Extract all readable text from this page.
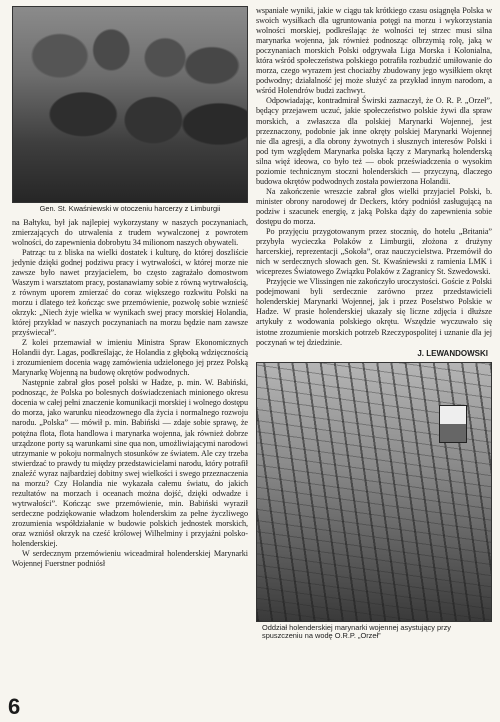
Gen. St. Kwaśniewski w otoczeniu harcerzy z Limburgii

na Bałtyku, był jak najlepiej wykorzystany w naszych poczynaniach, zmierzających do utrwalenia z trudem wywalczonej z powrotem wolności, do zapewnienia dobrobytu 34 milionom naszych obywateli.

Patrząc tu z bliska na wielki dostatek i kulturę, do której doszliście jedynie dzięki godnej podziwu pracy i wytrwałości, w której morze nie zawsze było nawet przyjacielem, bo często zagrażało domostwom Waszym i warsztatom pracy, postanawiamy sobie z równą wytrwałością, z równym uporem zmierzać do coraz większego rozkwitu Polski na morzu i dlatego też kończąc swe przemówienie, pozwolę sobie wznieść okrzyk: „Niech żyje wielka w wynikach swej pracy morskiej Holandia, której przykład w naszych poczynaniach na morzu będzie nam zawsze przyświecał”.

Z kolei przemawiał w imieniu Ministra Spraw Ekonomicznych Holandii dyr. Lagas, podkreślając, że Holandia z głęboką wdzięcznością i zrozumieniem docenia wagę zamówienia udzielonego jej przez Polską Marynarkę Wojenną na budowę okrętów podwodnych.

Następnie zabrał głos poseł polski w Hadze, p. min. W. Babiński, podnosząc, że Polska po bolesnych doświadczeniach minionego okresu docenia w całej pełni znaczenie komunikacji morskiej i wolnego dostępu do morza, jako warunku nieodzownego dla życia i normalnego rozwoju narodu. „Polska” — mówił p. min. Babiński — zdaje sobie sprawę, że potężna flota, flota handlowa i marynarka wojenna, jak również dobrze urządzone porty są warunkami sine qua non, umożliwiającymi narodowi utrzymanie w pokoju normalnych stosunków ze światem. Ale czy trzeba stwierdzać to prawdy tu między przedstawicielami narodu, który potrafił znaleźć wyraz najbardziej dobitny swej wielkości i swego przeznaczenia na morzu? Czy Holandia nie wykazała całemu światu, do jakich rezultatów na morzach i oceanach można dojść, dzięki odwadze i wytrwałości”. Kończąc swe przemówienie, min. Babiński wyraził serdeczne podziękowanie władzom holenderskim za pełne życzliwego zrozumienia współdziałanie w budowie polskich jednostek morskich, oraz wzniósł okrzyk na cześć królowej Wilhelminy i przyjaźni polsko-holenderskiej.

W serdecznym przemówieniu wiceadmirał holenderskiej Marynarki Wojennej Fuerstner podniósł

wspaniałe wyniki, jakie w ciągu tak krótkiego czasu osiągnęła Polska w swoich wysiłkach dla ugruntowania potęgi na morzu i wykorzystania wolności morskiej, podkreślając że wolności tej strzec musi silna marynarka wojenna, jak również podnosząc olbrzymią rolę, jaką w poczynaniach morskich Polski odgrywała Liga Morska i Kolonialna, która wśród społeczeństwa polskiego potrafiła rozbudzić umiłowanie do morza, czego wyrazem jest chociażby zbudowany jego wysiłkiem okręt podwodny; działalność jej może służyć za przykład innym narodom, a wśród Holendrów budzi zachwyt.

Odpowiadając, kontradmirał Świrski zaznaczył, że O. R. P. „Orzeł”, będący przejawem uczuć, jakie społeczeństwo polskie żywi dla spraw morskich, a zwłaszcza dla polskiej Marynarki Wojennej, jest przeznaczony, podobnie jak inne okręty polskiej Marynarki Wojennej nie dla agresji, a dla obrony żywotnych i słusznych interesów Polski i pod tym względem Marynarka polska łączy z Marynarką holenderską silna więź ideowa, co było też — obok przeświadczenia o wysokim poziomie technicznym stoczni holenderskich — przyczyną, dlaczego budowa okrętów podwodnych została powierzona Holandii.

Na zakończenie wreszcie zabrał głos wielki przyjaciel Polski, b. minister obrony narodowej dr Deckers, który podniósł zasługującą na podziw i szacunek energię, z jaką Polska dąży do zapewnienia sobie dostępu do morza.

Po przyjęciu przygotowanym przez stocznię, do hotelu „Britania” przybyła wycieczka Polaków z Limburgii, złożona z drużyny harcerskiej, reprezentacji „Sokoła”, oraz nauczycielstwa. Przemówił do nich w serdecznych słowach gen. St. Kwaśniewski z ramienia LMK i wiceprezes Światowego Związku Polaków z Zagranicy St. Szwedowski.

Przyjęcie we Vlissingen nie zakończyło uroczystości. Goście z Polski podejmowani byli serdecznie zarówno przez przedstawicieli holenderskiej Marynarki Wojennej, jak i przez Poselstwo Polskie w Hadze. W prasie holenderskiej ukazały się liczne zdjęcia i dłuższe artykuły z wodowania polskiego okrętu. Wszędzie wyczuwało się istotne zrozumienie morskich potrzeb Rzeczypospolitej i uznanie dla jej poczynań w tej dziedzinie.

J. LEWANDOWSKI
Oddział holenderskiej marynarki wojennej asystujący przy
spuszczeniu na wodę O.R.P. „Orzeł”
6
